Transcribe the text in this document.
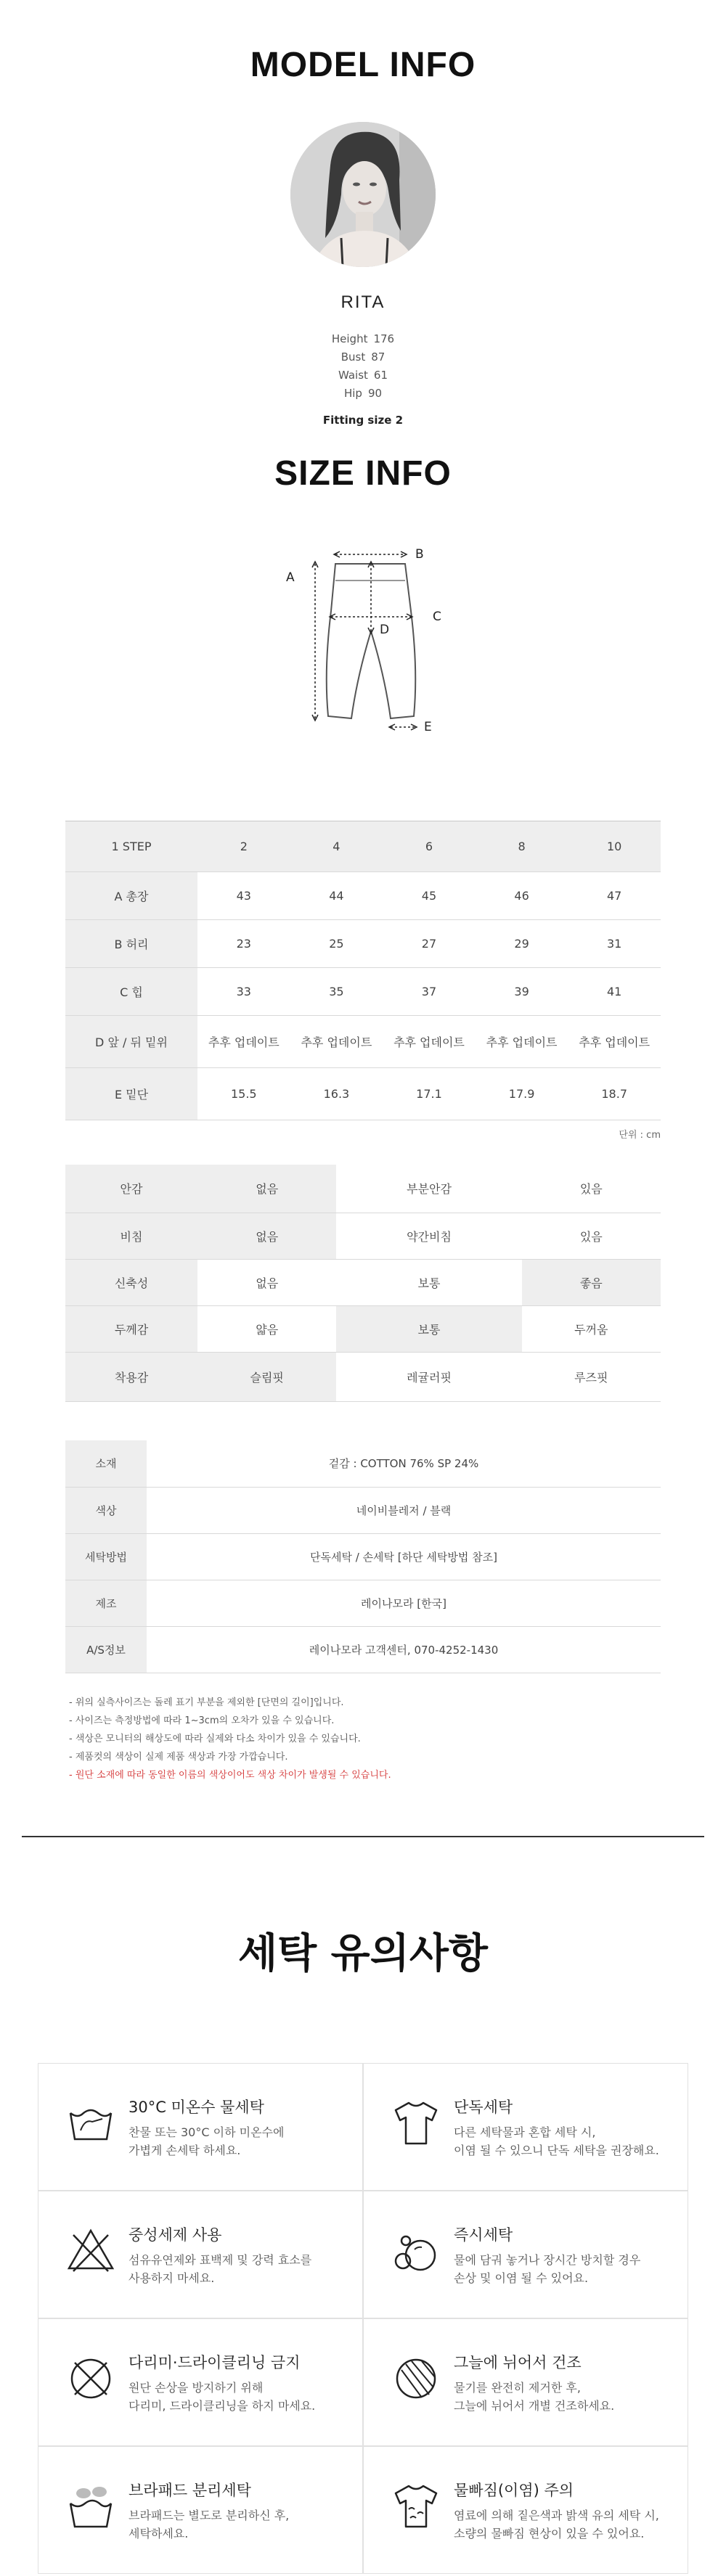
MODEL INFO
RITA
Height 176
Bust 87
Waist 61
Hip 90
Fitting size 2
SIZE INFO
A
B
C
D
E
1 STEP	2	4	6	8	10
A 총장	43	44	45	46	47
B 허리	23	25	27	29	31
C 힙	33	35	37	39	41
D 앞 / 뒤 밑위	추후 업데이트	추후 업데이트	추후 업데이트	추후 업데이트	추후 업데이트
E 밑단	15.5	16.3	17.1	17.9	18.7
단위 : cm
안감	없음	부분안감	있음
비침	없음	약간비침	있음
신축성	없음	보통	좋음
두께감	얇음	보통	두꺼움
착용감	슬림핏	레귤러핏	루즈핏
소재	겉감 : COTTON 76% SP 24%
색상	네이비블레저 / 블랙
세탁방법	단독세탁 / 손세탁 [하단 세탁방법 참조]
제조	레이나모라 [한국]
A/S정보	레이나모라 고객센터, 070-4252-1430
- 위의 실측사이즈는 돌레 표기 부분을 제외한 [단면의 길이]입니다.
- 사이즈는 측정방법에 따라 1~3cm의 오차가 있을 수 있습니다.
- 색상은 모니터의 해상도에 따라 실제와 다소 차이가 있을 수 있습니다.
- 제품컷의 색상이 실제 제품 색상과 가장 가깝습니다.
- 원단 소재에 따라 동일한 이름의 색상이어도 색상 차이가 발생될 수 있습니다.
세탁 유의사항
30°C 미온수 물세탁
찬물 또는 30°C 이하 미온수에
가볍게 손세탁 하세요.
단독세탁
다른 세탁물과 혼합 세탁 시,
이염 될 수 있으니 단독 세탁을 권장해요.
중성세제 사용
섬유유연제와 표백제 및 강력 효소를
사용하지 마세요.
즉시세탁
물에 담궈 놓거나 장시간 방치할 경우
손상 및 이염 될 수 있어요.
다리미·드라이클리닝 금지
원단 손상을 방지하기 위해
다리미, 드라이클리닝을 하지 마세요.
그늘에 뉘어서 건조
물기를 완전히 제거한 후,
그늘에 뉘어서 개별 건조하세요.
브라패드 분리세탁
브라패드는 별도로 분리하신 후,
세탁하세요.
물빠짐(이염) 주의
염료에 의해 짙은색과 밝색 유의 세탁 시,
소량의 물빠짐 현상이 있을 수 있어요.
